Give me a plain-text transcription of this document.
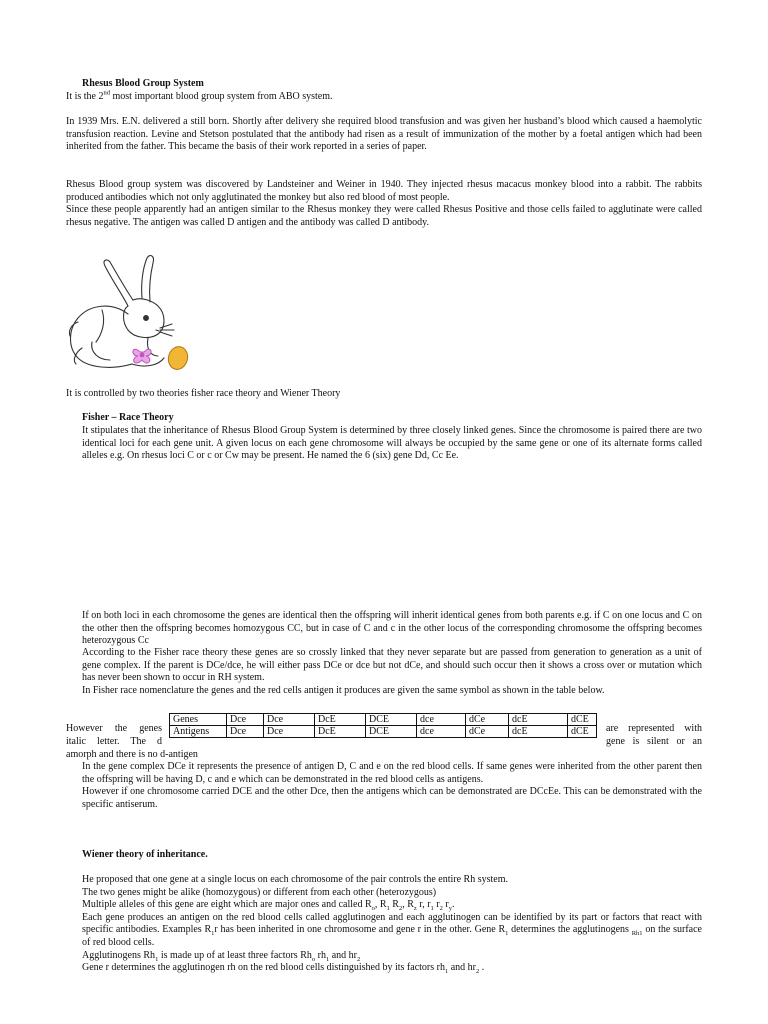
Rhesus Blood Group System

It is the 2nd most important blood group system from ABO system.

In 1939 Mrs. E.N. delivered a still born. Shortly after delivery she required blood transfusion and was given her husband’s blood which caused a haemolytic transfusion reaction. Levine and Stetson postulated that the antibody had risen as a result of immunization of the mother by a foetal antigen which had been inherited from the father. This became the basis of their work reported in a series of paper.

Rhesus Blood group system was discovered by Landsteiner and Weiner in 1940. They injected rhesus macacus monkey blood into a rabbit. The rabbits produced antibodies which not only agglutinated the monkey but also red blood of most people.

Since these people apparently had an antigen similar to the Rhesus monkey they were called Rhesus Positive and those cells failed to agglutinate were called rhesus negative. The antigen was called D antigen and the antibody was called D antibody.

It is controlled by two theories fisher race theory and Wiener Theory

Fisher – Race Theory

It stipulates that the inheritance of Rhesus Blood Group System is determined by three closely linked genes. Since the chromosome is paired there are two identical loci for each gene unit. A given locus on each gene chromosome will always be occupied by the same gene or one of its alternate forms called alleles e.g. On rhesus loci C or c or Cw may be present. He named the 6 (six) gene Dd, Cc Ee.

If on both loci in each chromosome the genes are identical then the offspring will inherit identical genes from both parents e.g. if C on one locus and C on the other then the offspring becomes homozygous CC, but in case of C and c in the other locus of the corresponding chromosome the offspring becomes heterozygous Cc

According to the Fisher race theory these genes are so crossly linked that they never separate but are passed from generation to generation as a unit of gene complex. If the parent is DCe/dce, he will either pass DCe or dce but not dCe, and should such occur then it shows a cross over or mutation which has never been shown to occur in RH system.

In Fisher race nomenclature the genes and the red cells antigen it produces are given the same symbol as shown in the table below.

However the genes

italic letter. The d

are represented with

gene is silent or an

amorph and there is no d-antigen

Genes	Dce	Dce	DcE	DCE	dce	dCe	dcE	dCE
Antigens	Dce	Dce	DcE	DCE	dce	dCe	dcE	dCE

In the gene complex DCe it represents the presence of antigen D, C and e on the red blood cells. If same genes were inherited from the other parent then the offspring will be having D, c and e which can be demonstrated in the red blood cells as antigens.

However if one chromosome carried DCE and the other Dce, then the antigens which can be demonstrated are DCcEe. This can be demonstrated with the specific antiserum.

Wiener theory of inheritance.

He proposed that one gene at a single locus on each chromosome of the pair controls the entire Rh system.

The two genes might be alike (homozygous) or different from each other (heterozygous)

Multiple alleles of this gene are eight which are major ones and called $R_o$, $R_1$ $R_2$, $R_z$ r, $r_1$ $r_2$ $r_y$.

Each gene produces an antigen on the red blood cells called agglutinogen and each agglutinogen can be identified by its part or factors that react with specific antibodies. Examples $R_1r$ has been inherited in one chromosome and gene r in the other. Gene $R_1$ determines the agglutinogens $_{Rh1}$ on the surface of red blood cells.

Agglutinogens $Rh_1$ is made up of at least three factors $Rh_o$ $rh_1$ and $hr_2$

Gene r determines the agglutinogen rh on the red blood cells distinguished by its factors $rh_1$ and $hr_2$ .
